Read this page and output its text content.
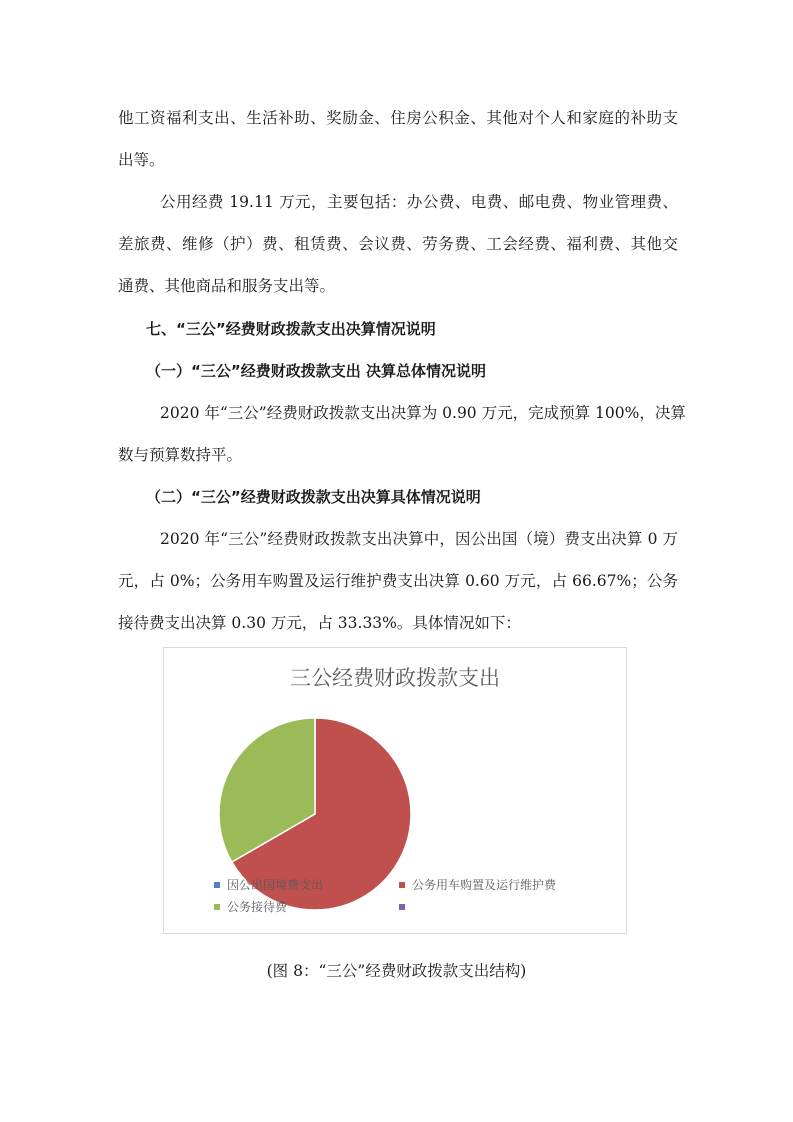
他工资福利支出、生活补助、奖励金、住房公积金、其他对个人和家庭的补助支
出等。
公用经费 19.11 万元，主要包括：办公费、电费、邮电费、物业管理费、
差旅费、维修（护）费、租赁费、会议费、劳务费、工会经费、福利费、其他交
通费、其他商品和服务支出等。
七、“三公”经费财政拨款支出决算情况说明
（一）“三公”经费财政拨款支出 决算总体情况说明
2020 年“三公”经费财政拨款支出决算为 0.90 万元，完成预算 100%，决算
数与预算数持平。
（二）“三公”经费财政拨款支出决算具体情况说明
2020 年“三公”经费财政拨款支出决算中，因公出国（境）费支出决算 0 万
元，占 0%；公务用车购置及运行维护费支出决算 0.60 万元，占 66.67%；公务
接待费支出决算 0.30 万元，占 33.33%。具体情况如下：
三公经费财政拨款支出
因公出国境费支出	公务用车购置及运行维护费
公务接待费
(图 8：“三公”经费财政拨款支出结构)
